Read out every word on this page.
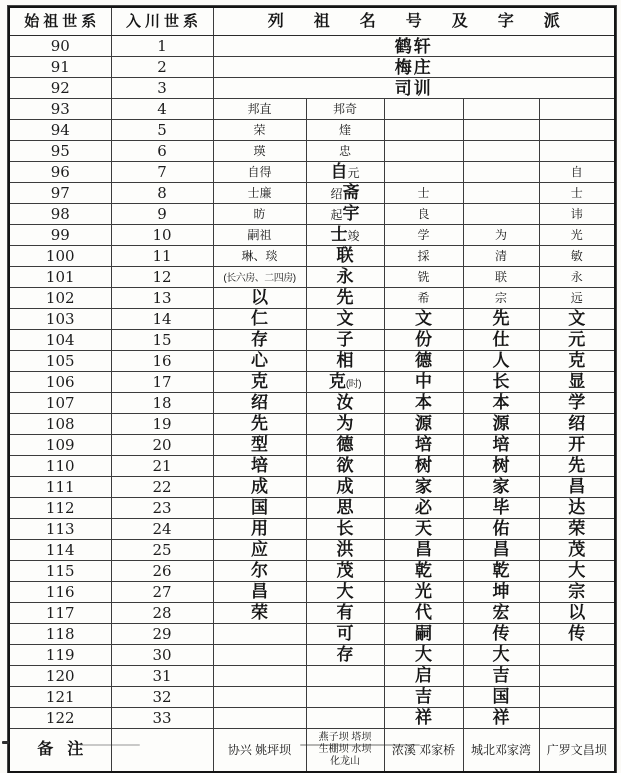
始祖世系	入川世系	列祖名号及字派				
90	1	鹤轩				
91	2	梅庄				
92	3	司训				
93	4	邦直	邦奇			
94	5	荣	煃			
95	6	瑛	忠			
96	7	自得	自元			自
97	8	士廉	绍斋	士		士
98	9	昉	起宇	良		讳
99	10	嗣祖	士竣	学	为	光
100	11	琳、琰	联	採	清	敏
101	12	(长六房、二四房)	永	铣	联	永
102	13	以	先	希	宗	远
103	14	仁	文	文	先	文
104	15	存	子	份	仕	元
105	16	心	相	德	人	克
106	17	克	克(时)	中	长	显
107	18	绍	汝	本	本	学
108	19	先	为	源	源	绍
109	20	型	德	培	培	开
110	21	培	欲	树	树	先
111	22	成	成	家	家	昌
112	23	国	思	必	毕	达
113	24	用	长	天	佑	荣
114	25	应	洪	昌	昌	茂
115	26	尔	茂	乾	乾	大
116	27	昌	大	光	坤	宗
117	28	荣	有	代	宏	以
118	29		可	嗣	传	传
119	30		存	大	大	
120	31			启	吉	
121	32			吉	国	
122	33			祥	祥	
备注		协兴 姚坪坝	燕子坝 塔坝
生棚坝 水坝
化龙山	浓溪 邓家桥	城北邓家湾	广罗文昌坝
